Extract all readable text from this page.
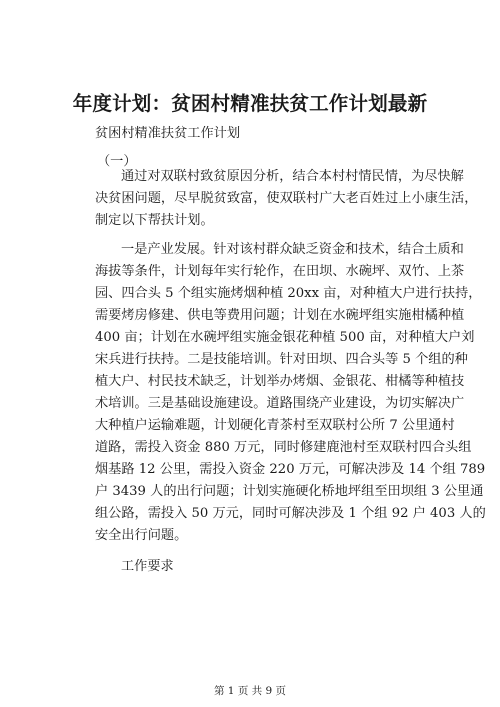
年度计划：贫困村精准扶贫工作计划最新
贫困村精准扶贫工作计划
（一）
通过对双联村致贫原因分析，结合本村村情民情，为尽快解
决贫困问题，尽早脱贫致富，使双联村广大老百姓过上小康生活，
制定以下帮扶计划。
一是产业发展。针对该村群众缺乏资金和技术，结合土质和
海拔等条件，计划每年实行轮作，在田坝、水碗坪、双竹、上茶
园、四合头 5 个组实施烤烟种植 20xx 亩，对种植大户进行扶持，
需要烤房修建、供电等费用问题；计划在水碗坪组实施柑橘种植
400 亩；计划在水碗坪组实施金银花种植 500 亩，对种植大户刘
宋兵进行扶持。二是技能培训。针对田坝、四合头等 5 个组的种
植大户、村民技术缺乏，计划举办烤烟、金银花、柑橘等种植技
术培训。三是基础设施建设。道路围绕产业建设，为切实解决广
大种植户运输难题，计划硬化青茶村至双联村公所 7 公里通村
道路，需投入资金 880 万元，同时修建鹿池村至双联村四合头组
烟基路 12 公里，需投入资金 220 万元，可解决涉及 14 个组 789
户 3439 人的出行问题；计划实施硬化桥地坪组至田坝组 3 公里通
组公路，需投入 50 万元，同时可解决涉及 1 个组 92 户 403 人的
安全出行问题。
工作要求
第 1 页 共 9 页
